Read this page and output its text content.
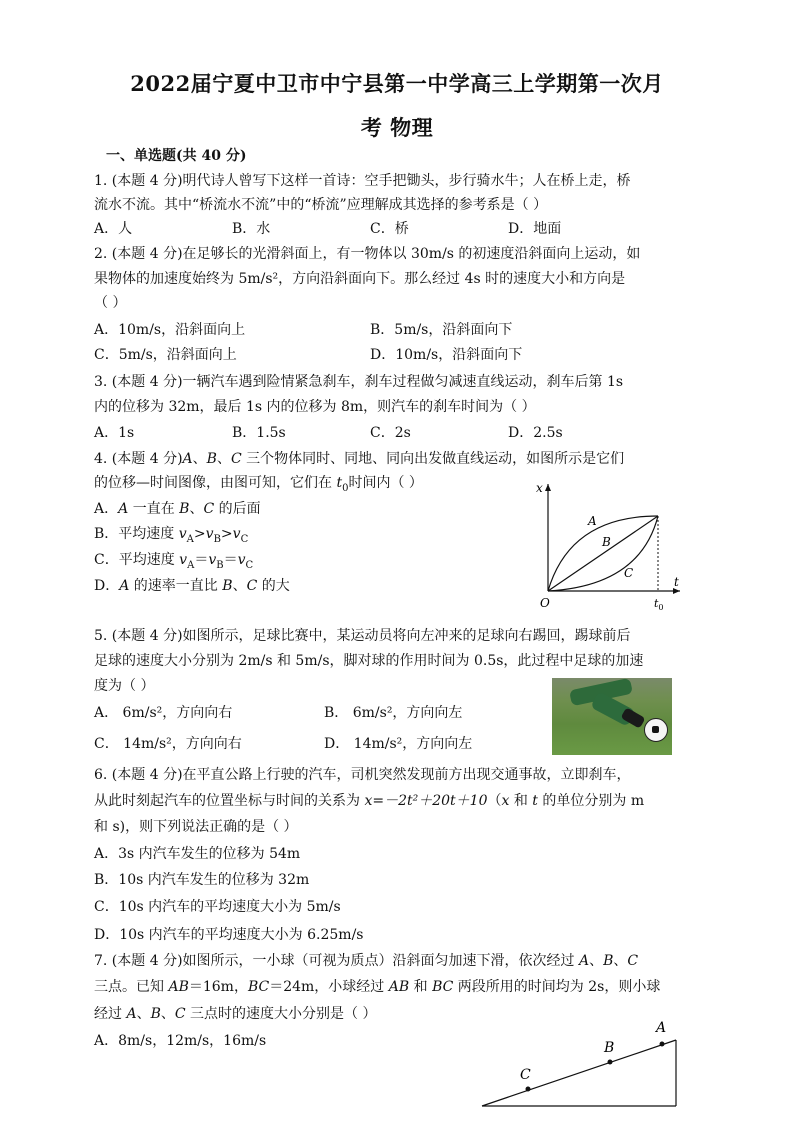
2022届宁夏中卫市中宁县第一中学高三上学期第一次月
考 物理
一、单选题(共 40 分)
1. (本题 4 分)明代诗人曾写下这样一首诗：空手把锄头，步行骑水牛；人在桥上走，桥
流水不流。其中“桥流水不流”中的“桥流”应理解成其选择的参考系是（ ）
A．人	B．水	C．桥	D．地面
2. (本题 4 分)在足够长的光滑斜面上，有一物体以 30m/s 的初速度沿斜面向上运动，如
果物体的加速度始终为 5m/s²，方向沿斜面向下。那么经过 4s 时的速度大小和方向是
（ ）
A．10m/s，沿斜面向上	B．5m/s，沿斜面向下
C．5m/s，沿斜面向上	D．10m/s，沿斜面向下
3. (本题 4 分)一辆汽车遇到险情紧急刹车，刹车过程做匀减速直线运动，刹车后第 1s
内的位移为 32m，最后 1s 内的位移为 8m，则汽车的刹车时间为（ ）
A．1s	B．1.5s	C．2s	D．2.5s
4. (本题 4 分)A、B、C 三个物体同时、同地、同向出发做直线运动，如图所示是它们
的位移—时间图像，由图可知，它们在 $t_0$时间内（ ）
A．A 一直在 B、C 的后面
B．平均速度 $v_A>v_B>v_C$
C．平均速度 $v_A=v_B=v_C$
D．A 的速率一直比 B、C 的大
x
t
O	$t_0$
A
B
C
5. (本题 4 分)如图所示，足球比赛中，某运动员将向左冲来的足球向右踢回，踢球前后
足球的速度大小分别为 2m/s 和 5m/s，脚对球的作用时间为 0.5s，此过程中足球的加速
度为（ ）
A． 6m/s²，方向向右	B． 6m/s²，方向向左
C． 14m/s²，方向向右	D． 14m/s²，方向向左
6. (本题 4 分)在平直公路上行驶的汽车，司机突然发现前方出现交通事故，立即刹车，
从此时刻起汽车的位置坐标与时间的关系为 x=－2t²＋20t＋10（x 和 t 的单位分别为 m
和 s)，则下列说法正确的是（ ）
A．3s 内汽车发生的位移为 54m
B．10s 内汽车发生的位移为 32m
C．10s 内汽车的平均速度大小为 5m/s
D．10s 内汽车的平均速度大小为 6.25m/s
7. (本题 4 分)如图所示，一小球（可视为质点）沿斜面匀加速下滑，依次经过 A、B、C
三点。已知 AB＝16m，BC＝24m，小球经过 AB 和 BC 两段所用的时间均为 2s，则小球
经过 A、B、C 三点时的速度大小分别是（ ）
A．8m/s，12m/s，16m/s
A
B
C
